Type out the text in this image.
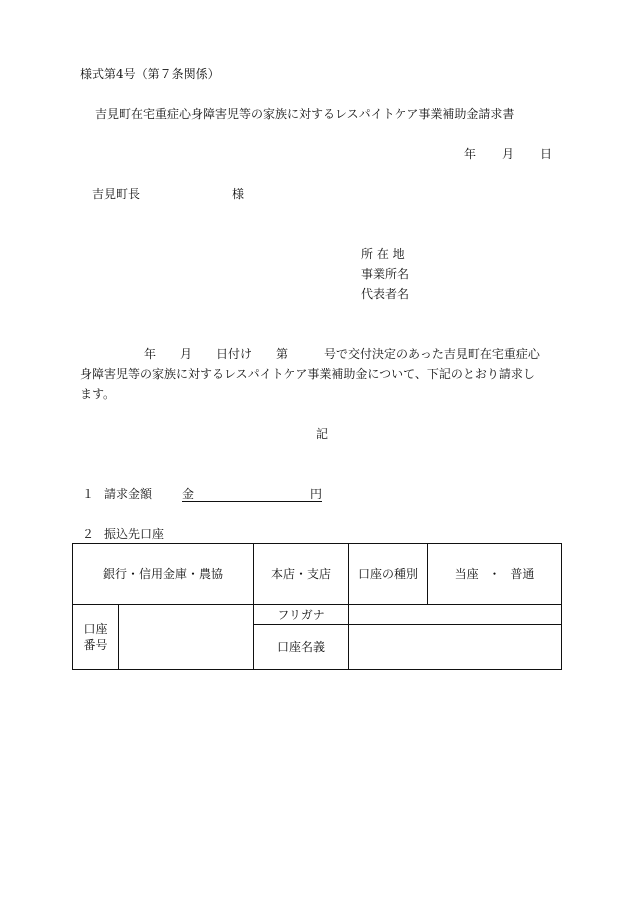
様式第4号（第７条関係）
吉見町在宅重症心身障害児等の家族に対するレスパイトケア事業補助金請求書
年 月 日
吉見町長	様
所 在 地
事業所名
代表者名
年　　月　　日付け　　第　　　号で交付決定のあった吉見町在宅重症心
身障害児等の家族に対するレスパイトケア事業補助金について、下記のとおり請求し
ます。
記
１ 請求金額 金	円
２ 振込先口座
銀行・信用金庫・農協		本店・支店	口座の種別	当座 ・ 普通

口座
番号		フリガナ		
		口座名義		
